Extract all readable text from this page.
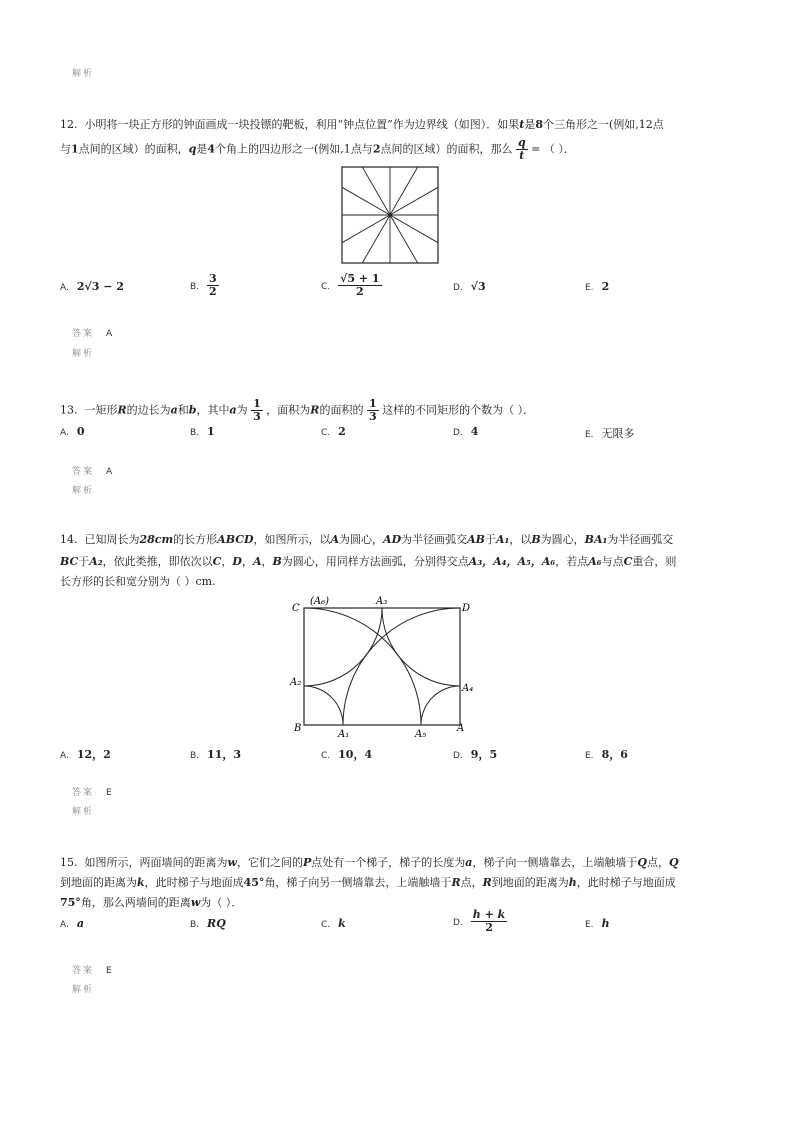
解析
12. 小明将一块正方形的钟面画成一块投镖的靶板，利用“钟点位置”作为边界线（如图）．如果t是8个三角形之一(例如,12点
与1点间的区域）的面积，q是4个角上的四边形之一(例如,1点与2点间的区域）的面积，那么 $\frac{q}{t}$ = （ ）．
A. 2√3 − 2	B. $\frac{3}{2}$	C. $\frac{√5 + 1}{2}$	D. √3	E. 2
答案 A
解析
13. 一矩形R的边长为a和b，其中a为 $\frac{1}{3}$ ，面积为R的面积的 $\frac{1}{3}$ 这样的不同矩形的个数为（ ）．
A. 0	B. 1	C. 2	D. 4	E. 无限多
答案 A
解析
14. 已知周长为28cm的长方形ABCD，如图所示，以A为圆心，AD为半径画弧交AB于A₁，以B为圆心，BA₁为半径画弧交
BC于A₂，依此类推，即依次以C，D，A，B为圆心，用同样方法画弧，分别得交点A₃，A₄，A₅，A₆，若点A₆与点C重合，则
长方形的长和宽分别为（ ）cm.
C
(A₆)	A₃
D
A₂
A₄
B
A₁	A₅
A
A. 12，2	B. 11，3	C. 10，4	D. 9，5	E. 8，6
答案 E
解析
15. 如图所示，两面墙间的距离为w，它们之间的P点处有一个梯子，梯子的长度为a，梯子向一侧墙靠去，上端触墙于Q点，Q
到地面的距离为k，此时梯子与地面成45°角，梯子向另一侧墙靠去，上端触墙于R点，R到地面的距离为h，此时梯子与地面成
75°角，那么两墙间的距离w为（ ）．
A. a	B. RQ	C. k	D. $\frac{h + k}{2}$	E. h
答案 E
解析
